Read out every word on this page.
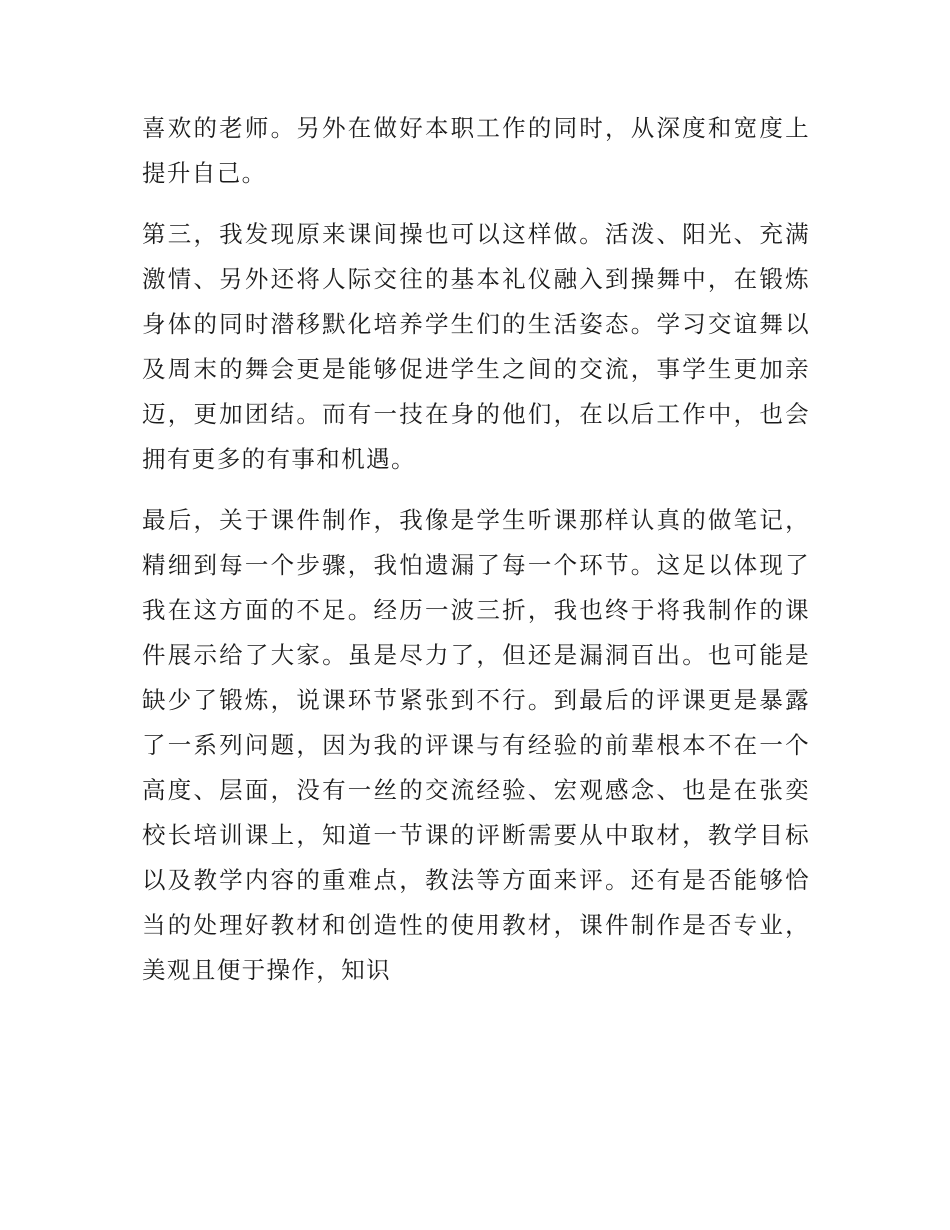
喜欢的老师。另外在做好本职工作的同时，从深度和宽度上提升自己。

第三，我发现原来课间操也可以这样做。活泼、阳光、充满激情、另外还将人际交往的基本礼仪融入到操舞中，在锻炼身体的同时潜移默化培养学生们的生活姿态。学习交谊舞以及周末的舞会更是能够促进学生之间的交流，事学生更加亲迈，更加团结。而有一技在身的他们，在以后工作中，也会拥有更多的有事和机遇。

最后，关于课件制作，我像是学生听课那样认真的做笔记，精细到每一个步骤，我怕遗漏了每一个环节。这足以体现了我在这方面的不足。经历一波三折，我也终于将我制作的课件展示给了大家。虽是尽力了，但还是漏洞百出。也可能是缺少了锻炼，说课环节紧张到不行。到最后的评课更是暴露了一系列问题，因为我的评课与有经验的前辈根本不在一个高度、层面，没有一丝的交流经验、宏观感念、也是在张奕校长培训课上，知道一节课的评断需要从中取材，教学目标以及教学内容的重难点，教法等方面来评。还有是否能够恰当的处理好教材和创造性的使用教材，课件制作是否专业，美观且便于操作，知识
